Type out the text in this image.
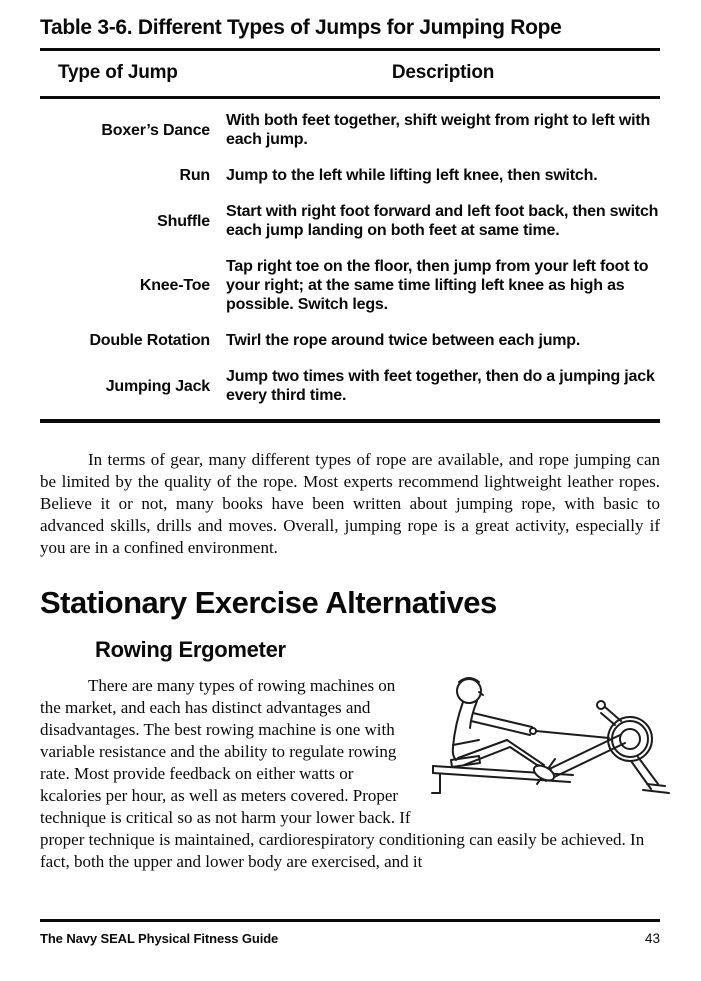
Table 3-6. Different Types of Jumps for Jumping Rope
Type of Jump	Description
Boxer’s Dance
With both feet together, shift weight from right to left with each jump.
Run Jump to the left while lifting left knee, then switch.
Shuffle
Start with right foot forward and left foot back, then switch each jump landing on both feet at same time.
Knee-Toe
Tap right toe on the floor, then jump from your left foot to your right; at the same time lifting left knee as high as possible. Switch legs.
Double Rotation Twirl the rope around twice between each jump.
Jumping Jack
Jump two times with feet together, then do a jumping jack every third time.

In terms of gear, many different types of rope are available, and rope jumping can be limited by the quality of the rope. Most experts recommend lightweight leather ropes. Believe it or not, many books have been written about jumping rope, with basic to advanced skills, drills and moves. Overall, jumping rope is a great activity, especially if you are in a confined environment.

Stationary Exercise Alternatives
Rowing Ergometer

There are many types of rowing machines on the market, and each has distinct advantages and disadvantages. The best rowing machine is one with variable resistance and the ability to regulate rowing rate. Most provide feedback on either watts or kcalories per hour, as well as meters covered. Proper technique is critical so as not harm your lower back. If proper technique is maintained, cardiorespiratory conditioning can easily be achieved. In fact, both the upper and lower body are exercised, and it

The Navy SEAL Physical Fitness Guide	43
